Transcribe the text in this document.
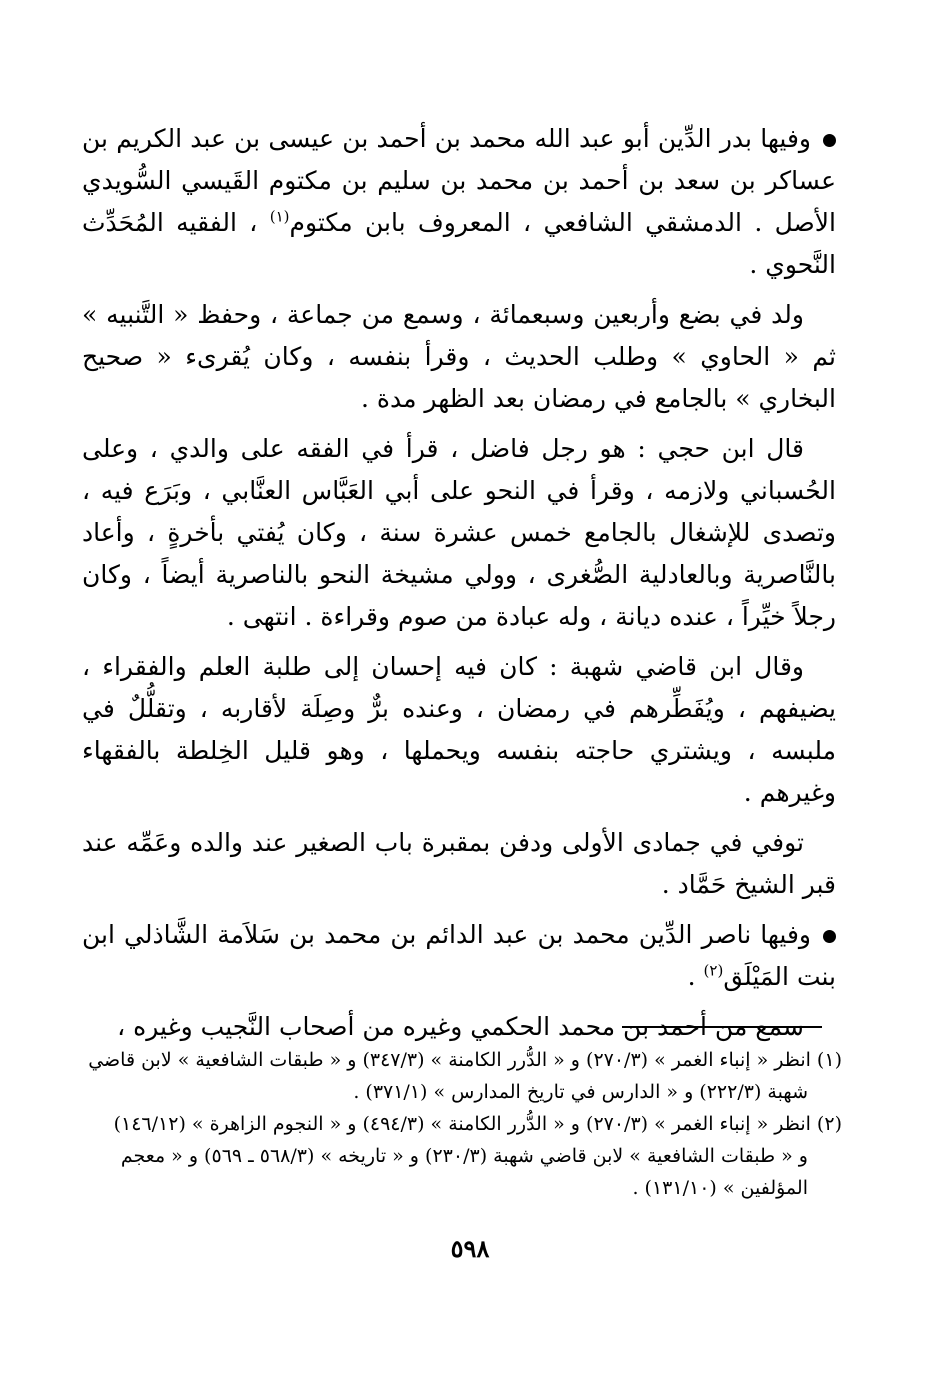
وفيها بدر الدِّين أبو عبد الله محمد بن أحمد بن عيسى بن عبد الكريم بن عساكر بن سعد بن أحمد بن محمد بن سليم بن مكتوم القَيسي السُّويدي الأصل . الدمشقي الشافعي ، المعروف بابن مكتوم$^{(١)}$ ، الفقيه المُحَدِّث النَّحوي .

ولد في بضع وأربعين وسبعمائة ، وسمع من جماعة ، وحفظ « التَّنبيه » ثم « الحاوي » وطلب الحديث ، وقرأ بنفسه ، وكان يُقرىء « صحيح البخاري » بالجامع في رمضان بعد الظهر مدة .

قال ابن حجي : هو رجل فاضل ، قرأ في الفقه على والدي ، وعلى الحُسباني ولازمه ، وقرأ في النحو على أبي العَبَّاس العنَّابي ، وبَرَع فيه ، وتصدى للإشغال بالجامع خمس عشرة سنة ، وكان يُفتي بأخرةٍ ، وأعاد بالنَّاصرية وبالعادلية الصُّغرى ، وولي مشيخة النحو بالناصرية أيضاً ، وكان رجلاً خيِّراً ، عنده ديانة ، وله عبادة من صوم وقراءة . انتهى .

وقال ابن قاضي شهبة : كان فيه إحسان إلى طلبة العلم والفقراء ، يضيفهم ، ويُفَطِّرهم في رمضان ، وعنده برٌّ وصِلَة لأقاربه ، وتقلُّلٌ في ملبسه ، ويشتري حاجته بنفسه ويحملها ، وهو قليل الخِلطة بالفقهاء وغيرهم .

توفي في جمادى الأولى ودفن بمقبرة باب الصغير عند والده وعَمِّه عند قبر الشيخ حَمَّاد .

وفيها ناصر الدِّين محمد بن عبد الدائم بن محمد بن سَلاَمة الشَّاذلي ابن بنت المَيْلَق$^{(٢)}$ .

سمع من أحمد بن محمد الحكمي وغيره من أصحاب النَّجيب وغيره ،

(١) انظر « إنباء الغمر » (٢٧٠/٣) و « الدُّرر الكامنة » (٣٤٧/٣) و « طبقات الشافعية » لابن قاضي
شهبة (٢٢٢/٣) و « الدارس في تاريخ المدارس » (٣٧١/١) .

(٢) انظر « إنباء الغمر » (٢٧٠/٣) و « الدُّرر الكامنة » (٤٩٤/٣) و « النجوم الزاهرة » (١٤٦/١٢)
و « طبقات الشافعية » لابن قاضي شهبة (٢٣٠/٣) و « تاريخه » (٥٦٨/٣ ـ ٥٦٩) و « معجم
المؤلفين » (١٣١/١٠) .

٥٩٨
